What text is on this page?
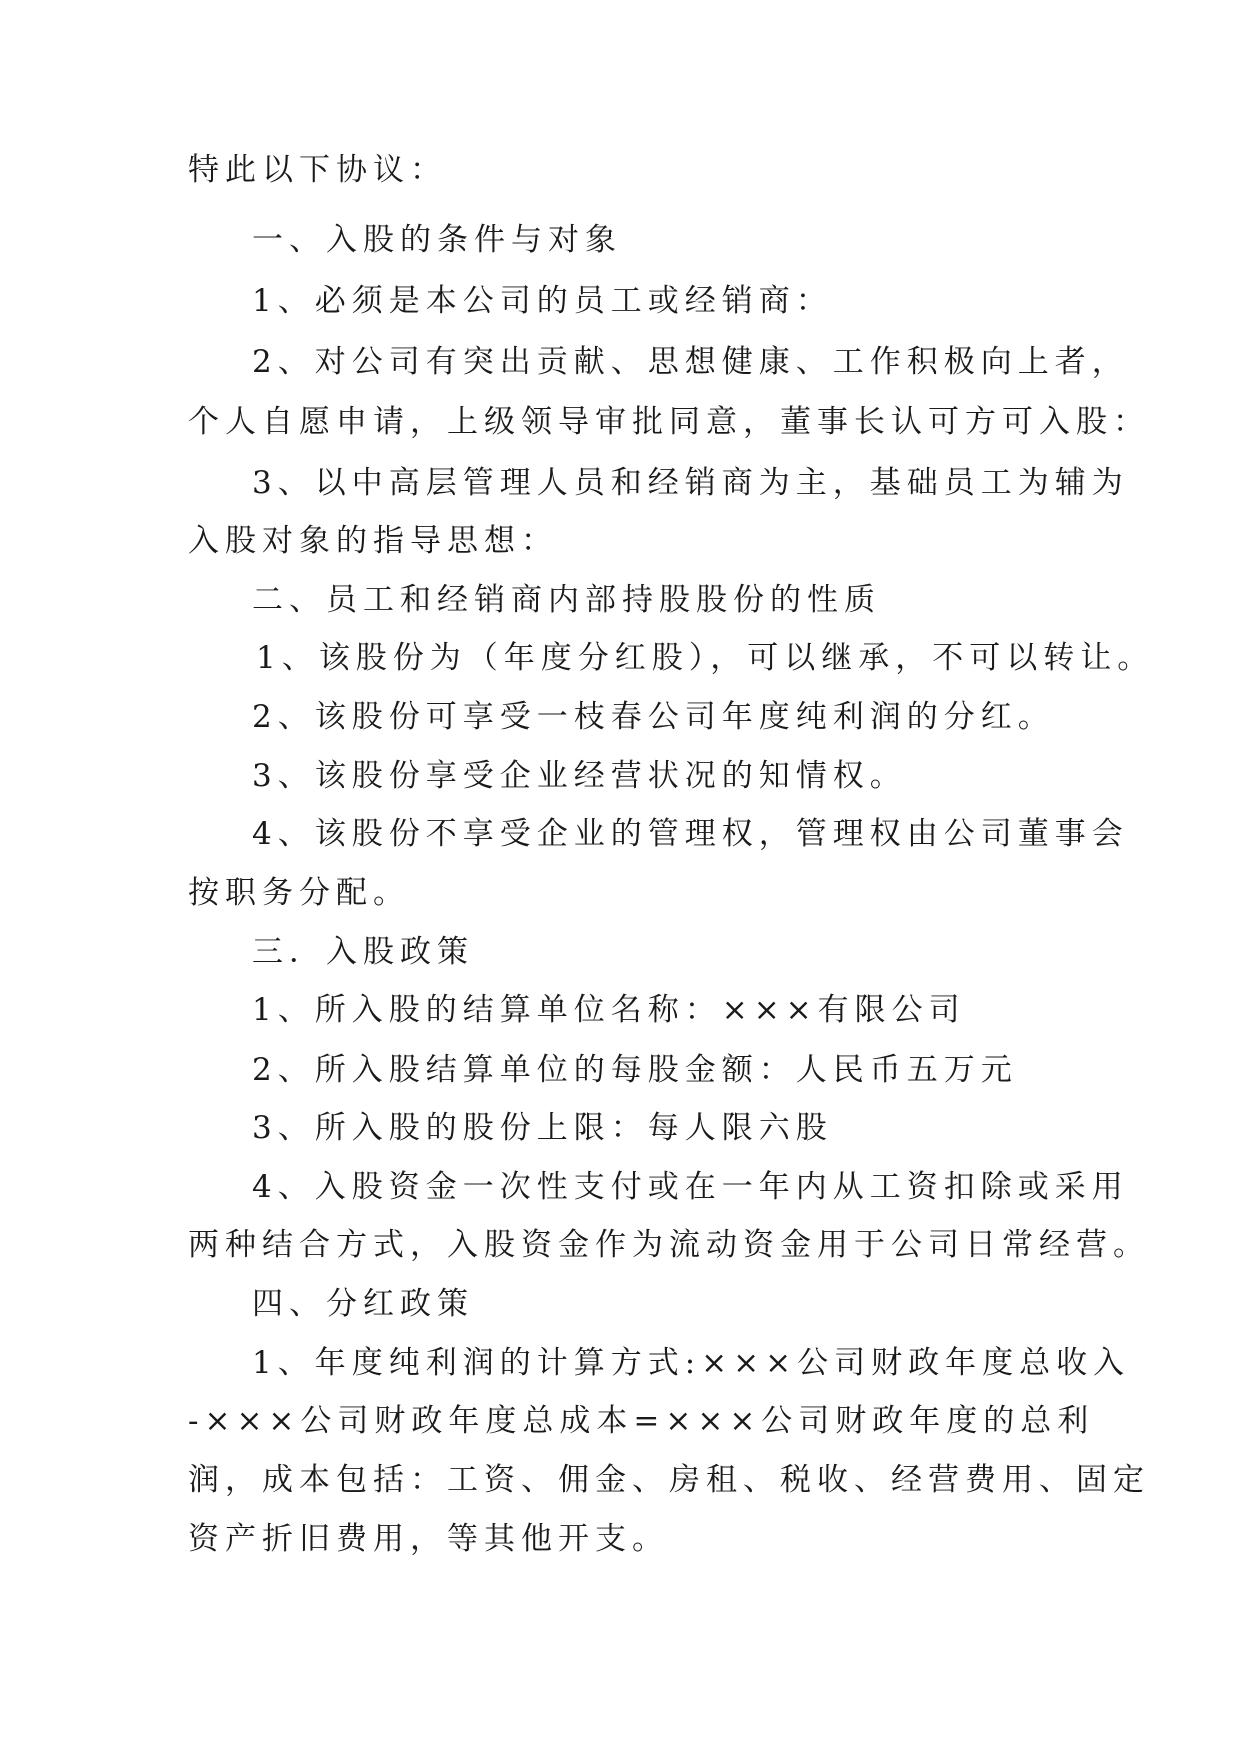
特此以下协议：
一、入股的条件与对象
1、必须是本公司的员工或经销商：
2、对公司有突出贡献、思想健康、工作积极向上者，
个人自愿申请，上级领导审批同意，董事长认可方可入股：
3、以中高层管理人员和经销商为主，基础员工为辅为
入股对象的指导思想：
二、员工和经销商内部持股股份的性质
1、该股份为（年度分红股），可以继承，不可以转让。
2、该股份可享受一枝春公司年度纯利润的分红。
3、该股份享受企业经营状况的知情权。
4、该股份不享受企业的管理权，管理权由公司董事会
按职务分配。
三．入股政策
1、所入股的结算单位名称：×××有限公司
2、所入股结算单位的每股金额：人民币五万元
3、所入股的股份上限：每人限六股
4、入股资金一次性支付或在一年内从工资扣除或采用
两种结合方式，入股资金作为流动资金用于公司日常经营。
四、分红政策
1、年度纯利润的计算方式:×××公司财政年度总收入
-×××公司财政年度总成本=×××公司财政年度的总利
润，成本包括：工资、佣金、房租、税收、经营费用、固定
资产折旧费用，等其他开支。
